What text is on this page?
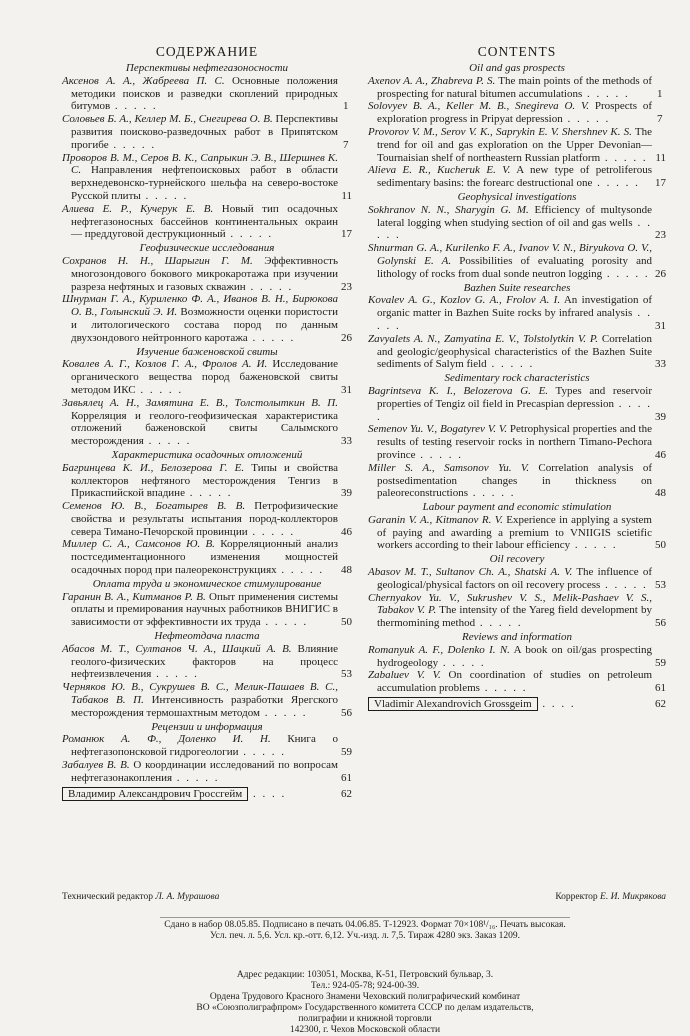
СОДЕРЖАНИЕ
Перспективы нефтегазоносности
Аксенов А. А., Жабреева П. С. Основные положения методики поисков и разведки скоплений природных битумов . . . . .	1
Соловьев Б. А., Келлер М. Б., Снегирева О. В. Перспективы развития поисково-разведочных работ в Припятском прогибе . . . . .	7
Проворов В. М., Серов В. К., Сапрыкин Э. В., Шершнев К. С. Направления нефтепоисковых работ в области верхнедевонско-турнейского шельфа на северо-востоке Русской плиты . . . . .	11
Алиева Е. Р., Кучерук Е. В. Новый тип осадочных нефтегазоносных бассейнов континентальных окраин — преддуговой деструкционный . . . . .	17
Геофизические исследования
Сохранов Н. Н., Шарыгин Г. М. Эффективность многозондового бокового микрокаротажа при изучении разреза нефтяных и газовых скважин . . . . .	23
Шнурман Г. А., Куриленко Ф. А., Иванов В. Н., Бирюкова О. В., Голынский Э. И. Возможности оценки пористости и литологического состава пород по данным двухзондового нейтронного каротажа . . . . .	26
Изучение баженовской свиты
Ковалев А. Г., Козлов Г. А., Фролов А. И. Исследование органического вещества пород баженовской свиты методом ИКС . . . . .	31
Завьялец А. Н., Замятина Е. В., Толстолыткин В. П. Корреляция и геолого-геофизическая характеристика отложений баженовской свиты Салымского месторождения . . . . .	33
Характеристика осадочных отложений
Багринцева К. И., Белозерова Г. Е. Типы и свойства коллекторов нефтяного месторождения Тенгиз в Прикаспийской впадине . . . . .	39
Семенов Ю. В., Богатырев В. В. Петрофизические свойства и результаты испытания пород-коллекторов севера Тимано-Печорской провинции . . . . .	46
Миллер С. А., Самсонов Ю. В. Корреляционный анализ постседиментационного изменения мощностей осадочных пород при палеореконструкциях . . . . . 48
Оплата труда и экономическое стимулирование
Гаранин В. А., Китманов Р. В. Опыт применения системы оплаты и премирования научных работников ВНИГИС в зависимости от эффективности их труда . . . . .	50
Нефтеотдача пласта
Абасов М. Т., Султанов Ч. А., Шацкий А. В. Влияние геолого-физических факторов на процесс нефтеизвлечения . . . . .	53
Черняков Ю. В., Сукрушев В. С., Мелик-Пашаев В. С., Табаков В. П. Интенсивность разработки Ярегского месторождения термошахтным методом . . . . .	56
Рецензии и информация
Романюк А. Ф., Доленко И. Н. Книга о нефтегазопонсковой гидрогеологии . . . . .	59
Забалуев В. В. О координации исследований по вопросам нефтегазонакопления . . . . .	61
Владимир Александрович Гроссгейм . . . .	62
CONTENTS
Oil and gas prospects
Axenov A. A., Zhabreva P. S. The main points of the methods of prospecting for natural bitumen accumulations . . . . . 1
Solovyev B. A., Keller M. B., Snegireva O. V. Prospects of exploration progress in Pripyat depression . . . . .	7
Provorov V. M., Serov V. K., Saprykin E. V. Shershnev K. S. The trend for oil and gas exploration on the Upper Devonian—Tournaisian shelf of northeastern Russian platform . . . . . 11
Alieva E. R., Kucheruk E. V. A new type of petroliferous sedimentary basins: the forearc destructional one . . . . . 17
Geophysical investigations
Sokhranov N. N., Sharygin G. M. Efficiency of multysonde lateral logging when studying section of oil and gas wells . . . . .	23
Shnurman G. A., Kurilenko F. A., Ivanov V. N., Biryukova O. V., Golynski E. A. Possibilities of evaluating porosity and lithology of rocks from dual sonde neutron logging . . . . . 26
Bazhen Suite researches
Kovalev A. G., Kozlov G. A., Frolov A. I. An investigation of organic matter in Bazhen Suite rocks by infrared analysis . . . . .	31
Zavyalets A. N., Zamyatina E. V., Tolstolytkin V. P. Correlation and geologic/geophysical characteristics of the Bazhen Suite sediments of Salym field . . . . .	33
Sedimentary rock characteristics
Bagrintseva K. I., Belozerova G. E. Types and reservoir properties of Tengiz oil field in Precaspian depression . . . . .	39
Semenov Yu. V., Bogatyrev V. V. Petrophysical properties and the results of testing reservoir rocks in northern Timano-Pechora province . . . . .	46
Miller S. A., Samsonov Yu. V. Correlation analysis of postsedimentation changes in thickness on paleoreconstructions . . . . .	48
Labour payment and economic stimulation
Garanin V. A., Kitmanov R. V. Experience in applying a system of paying and awarding a premium to VNIIGIS scietific workers according to their labour efficiency . . . . .	50
Oil recovery
Abasov M. T., Sultanov Ch. A., Shatski A. V. The influence of geological/physical factors on oil recovery process . . . . . 53
Chernyakov Yu. V., Sukrushev V. S., Melik-Pashaev V. S., Tabakov V. P. The intensity of the Yareg field development by thermomining method . . . . .	56
Reviews and information
Romanyuk A. F., Dolenko I. N. A book on oil/gas prospecting hydrogeology . . . . .	59
Zabaluev V. V. On coordination of studies on petroleum accumulation problems . . . . .	61
Vladimir Alexandrovich Grossgeim . . . .	62
Технический редактор Л. А. Мурашова	Корректор Е. И. Микрякова
Сдано в набор 08.05.85. Подписано в печать 04.06.85. Т-12923. Формат 70×108¹/₁₆. Печать высокая.
Усл. печ. л. 5,6. Усл. кр.-отт. 6,12. Уч.-изд. л. 7,5. Тираж 4280 экз. Заказ 1209.
Адрес редакции: 103051, Москва, К-51, Петровский бульвар, 3.
Тел.: 924-05-78; 924-00-39.
Ордена Трудового Красного Знамени Чеховский полиграфический комбинат
ВО «Союзполиграфпром» Государственного комитета СССР по делам издательств,
полиграфии и книжной торговли
142300, г. Чехов Московской области
